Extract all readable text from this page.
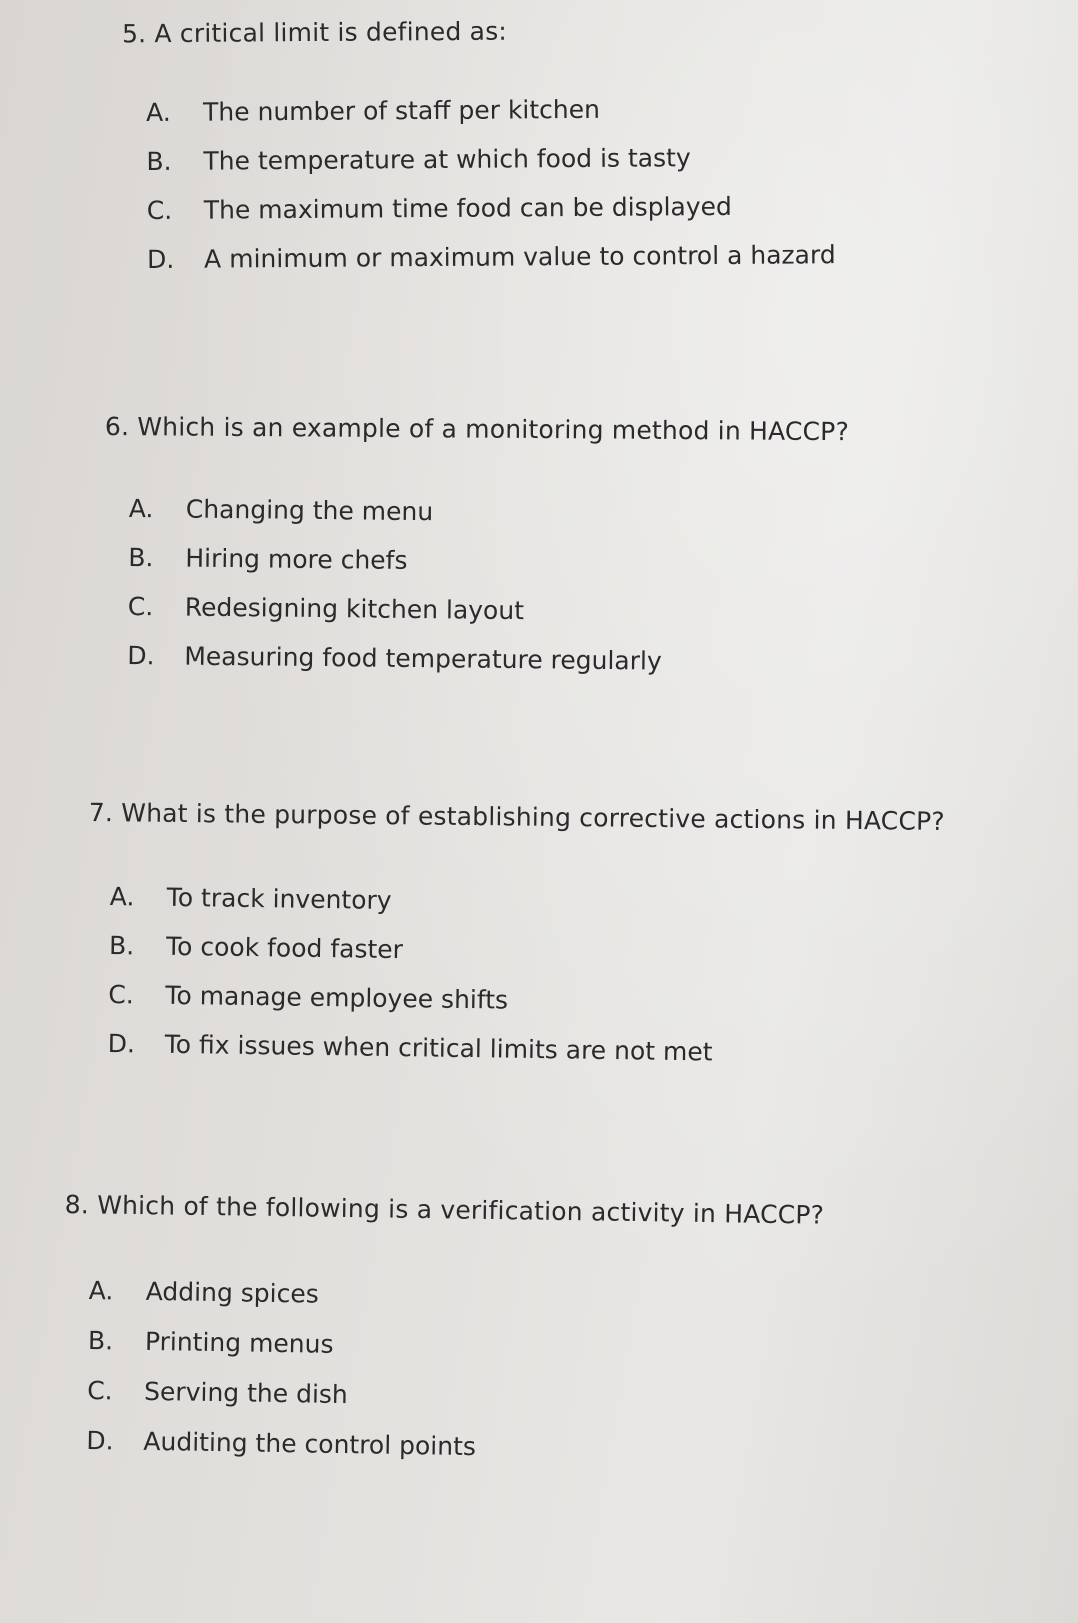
5. A critical limit is defined as:
A. The number of staff per kitchen
B. The temperature at which food is tasty
C. The maximum time food can be displayed
D. A minimum or maximum value to control a hazard
6. Which is an example of a monitoring method in HACCP?
A. Changing the menu
B. Hiring more chefs
C. Redesigning kitchen layout
D. Measuring food temperature regularly
7. What is the purpose of establishing corrective actions in HACCP?
A. To track inventory
B. To cook food faster
C. To manage employee shifts
D. To fix issues when critical limits are not met
8. Which of the following is a verification activity in HACCP?
A. Adding spices
B. Printing menus
C. Serving the dish
D. Auditing the control points
